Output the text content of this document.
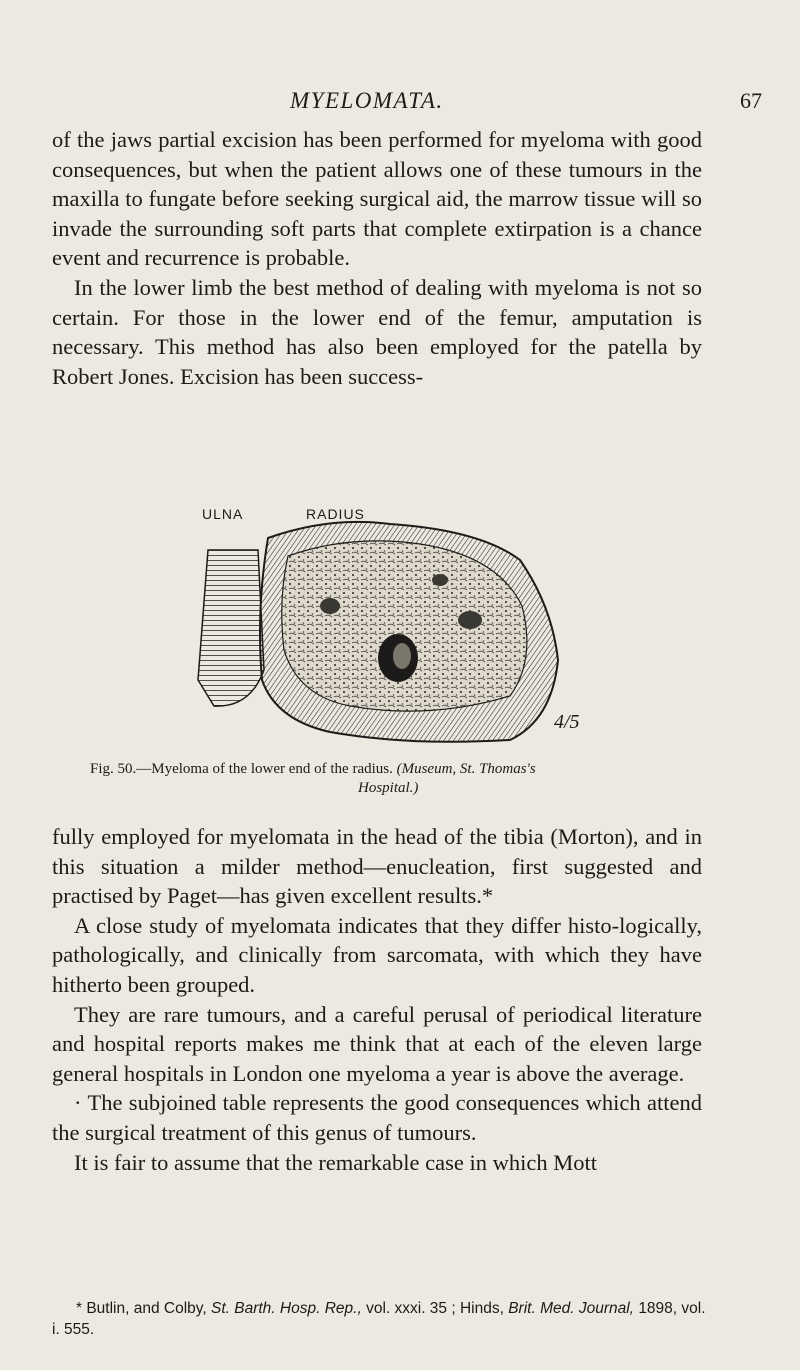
MYELOMATA.	67

of the jaws partial excision has been performed for myeloma with good consequences, but when the patient allows one of these tumours in the maxilla to fungate before seeking surgical aid, the marrow tissue will so invade the surrounding soft parts that complete extirpation is a chance event and recurrence is probable.

In the lower limb the best method of dealing with myeloma is not so certain. For those in the lower end of the femur, amputation is necessary. This method has also been employed for the patella by Robert Jones. Excision has been success-

ULNA	RADIUS
4/5
Fig. 50.—Myeloma of the lower end of the radius. (Museum, St. Thomas's
Hospital.)

fully employed for myelomata in the head of the tibia (Morton), and in this situation a milder method—enucleation, first suggested and practised by Paget—has given excellent results.*

A close study of myelomata indicates that they differ histo-logically, pathologically, and clinically from sarcomata, with which they have hitherto been grouped.

They are rare tumours, and a careful perusal of periodical literature and hospital reports makes me think that at each of the eleven large general hospitals in London one myeloma a year is above the average.

· The subjoined table represents the good consequences which attend the surgical treatment of this genus of tumours.

It is fair to assume that the remarkable case in which Mott

* Butlin, and Colby, St. Barth. Hosp. Rep., vol. xxxi. 35 ; Hinds, Brit. Med. Journal, 1898, vol. i. 555.
